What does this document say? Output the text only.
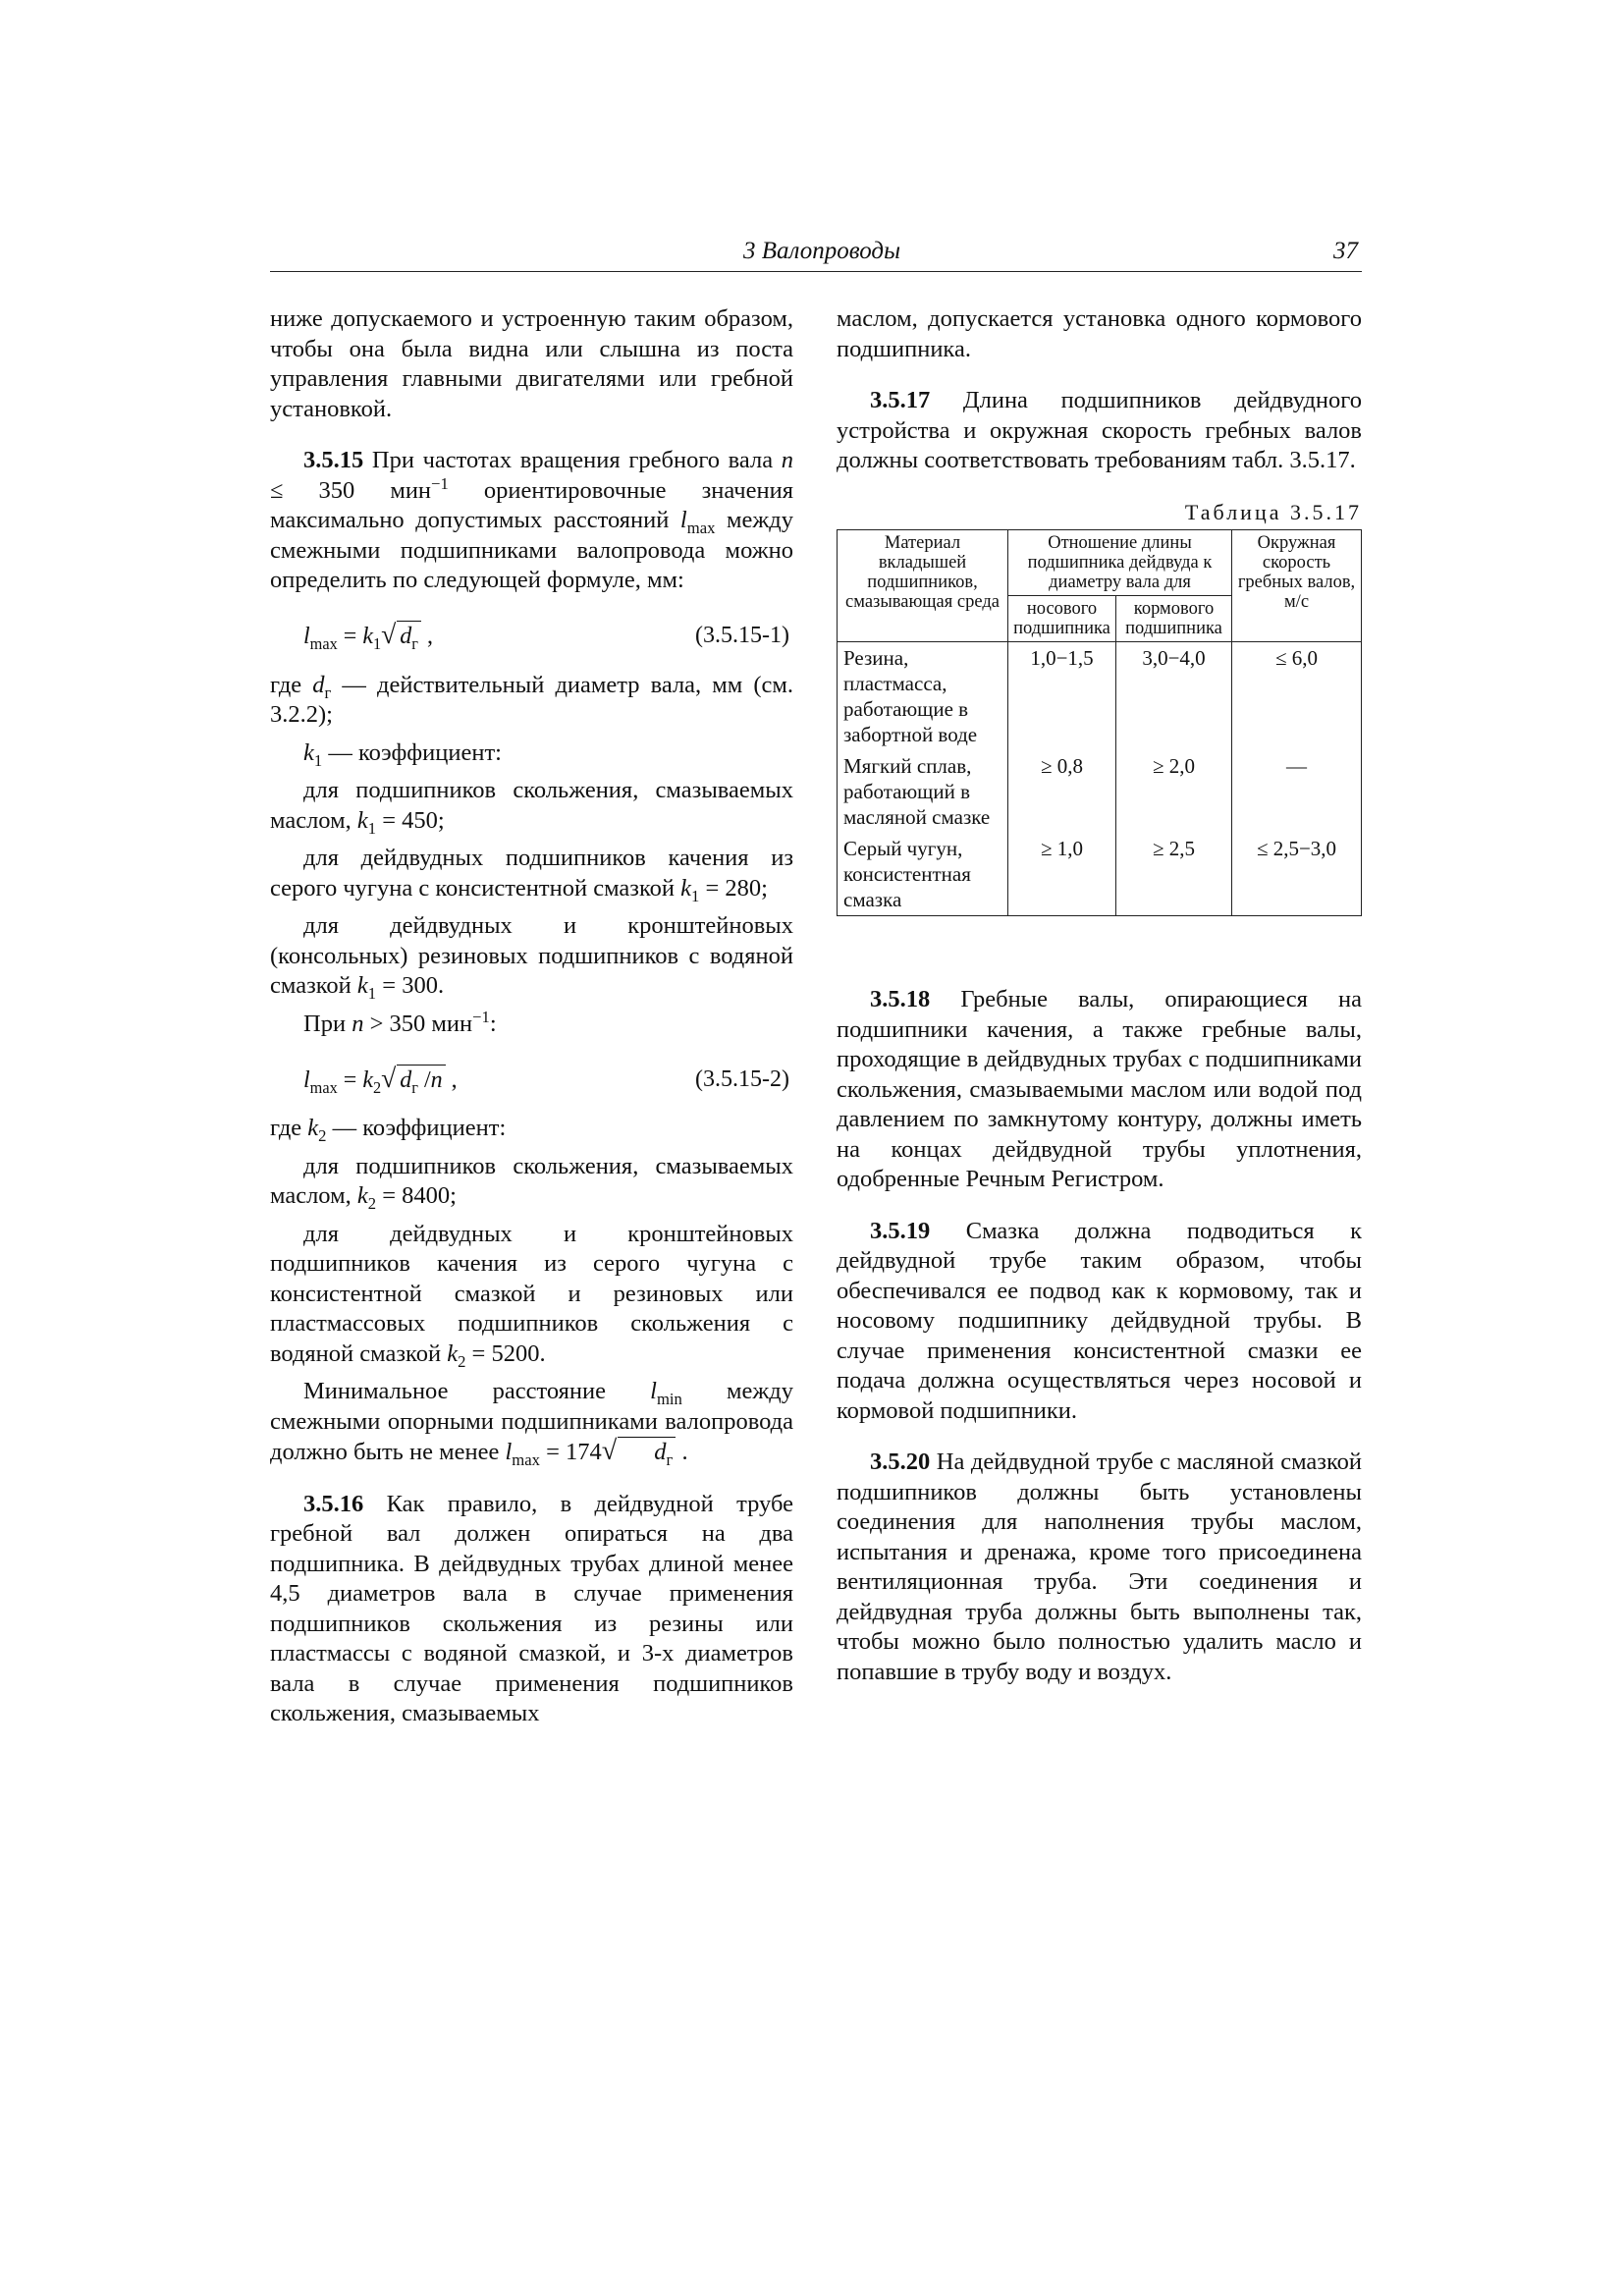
3 Валопроводы	37

ниже допускаемого и устроенную таким образом, чтобы она была видна или слышна из поста управления главными двигателями или гребной установкой.

3.5.15 При частотах вращения гребного вала n ≤ 350 мин$^{-1}$ ориентировочные значения максимально допустимых расстояний $l_{max}$ между смежными подшипниками валопровода можно определить по следующей формуле, мм:

$l_{max} = k_1√$ $d_г$ ,	(3.5.15-1)

где $d_г$ — действительный диаметр вала, мм (см. 3.2.2);

$k_1$ — коэффициент:

для подшипников скольжения, смазываемых маслом, $k_1 = 450$;

для дейдвудных подшипников качения из серого чугуна с консистентной смазкой $k_1 = 280$;

для дейдвудных и кронштейновых (консольных) резиновых подшипников с водяной смазкой $k_1 = 300$.

При n > 350 мин$^{-1}$:

$l_{max} = k_2√$ $d_г$ /n ,	(3.5.15-2)

где $k_2$ — коэффициент:

для подшипников скольжения, смазываемых маслом, $k_2 = 8400$;

для дейдвудных и кронштейновых подшипников качения из серого чугуна с консистентной смазкой и резиновых или пластмассовых подшипников скольжения с водяной смазкой $k_2 = 5200$.

Минимальное расстояние $l_{min}$ между смежными опорными подшипниками валопровода должно быть не менее $l_{max} = 174√$ $d_г$ .

3.5.16 Как правило, в дейдвудной трубе гребной вал должен опираться на два подшипника. В дейдвудных трубах длиной менее 4,5 диаметров вала в случае применения подшипников скольжения из резины или пластмассы с водяной смазкой, и 3-х диаметров вала в случае применения подшипников скольжения, смазываемых

маслом, допускается установка одного кормового подшипника.

3.5.17 Длина подшипников дейдвудного устройства и окружная скорость гребных валов должны соответствовать требованиям табл. 3.5.17.

Таблица 3.5.17
Материал вкладышей подшипников, смазывающая среда	Отношение длины подшипника дейдвуда к диаметру вала для		Окружная скорость гребных валов, м/с
	носового подшипника	кормового подшипника	
Резина, пластмасса, работающие в забортной воде	1,0−1,5	3,0−4,0	≤ 6,0
Мягкий сплав, работающий в масляной смазке	≥ 0,8	≥ 2,0	—
Серый чугун, консистентная смазка	≥ 1,0	≥ 2,5	≤ 2,5−3,0

3.5.18 Гребные валы, опирающиеся на подшипники качения, а также гребные валы, проходящие в дейдвудных трубах с подшипниками скольжения, смазываемыми маслом или водой под давлением по замкнутому контуру, должны иметь на концах дейдвудной трубы уплотнения, одобренные Речным Регистром.

3.5.19 Смазка должна подводиться к дейдвудной трубе таким образом, чтобы обеспечивался ее подвод как к кормовому, так и носовому подшипнику дейдвудной трубы. В случае применения консистентной смазки ее подача должна осуществляться через носовой и кормовой подшипники.

3.5.20 На дейдвудной трубе с масляной смазкой подшипников должны быть установлены соединения для наполнения трубы маслом, испытания и дренажа, кроме того присоединена вентиляционная труба. Эти соединения и дейдвудная труба должны быть выполнены так, чтобы можно было полностью удалить масло и попавшие в трубу воду и воздух.
